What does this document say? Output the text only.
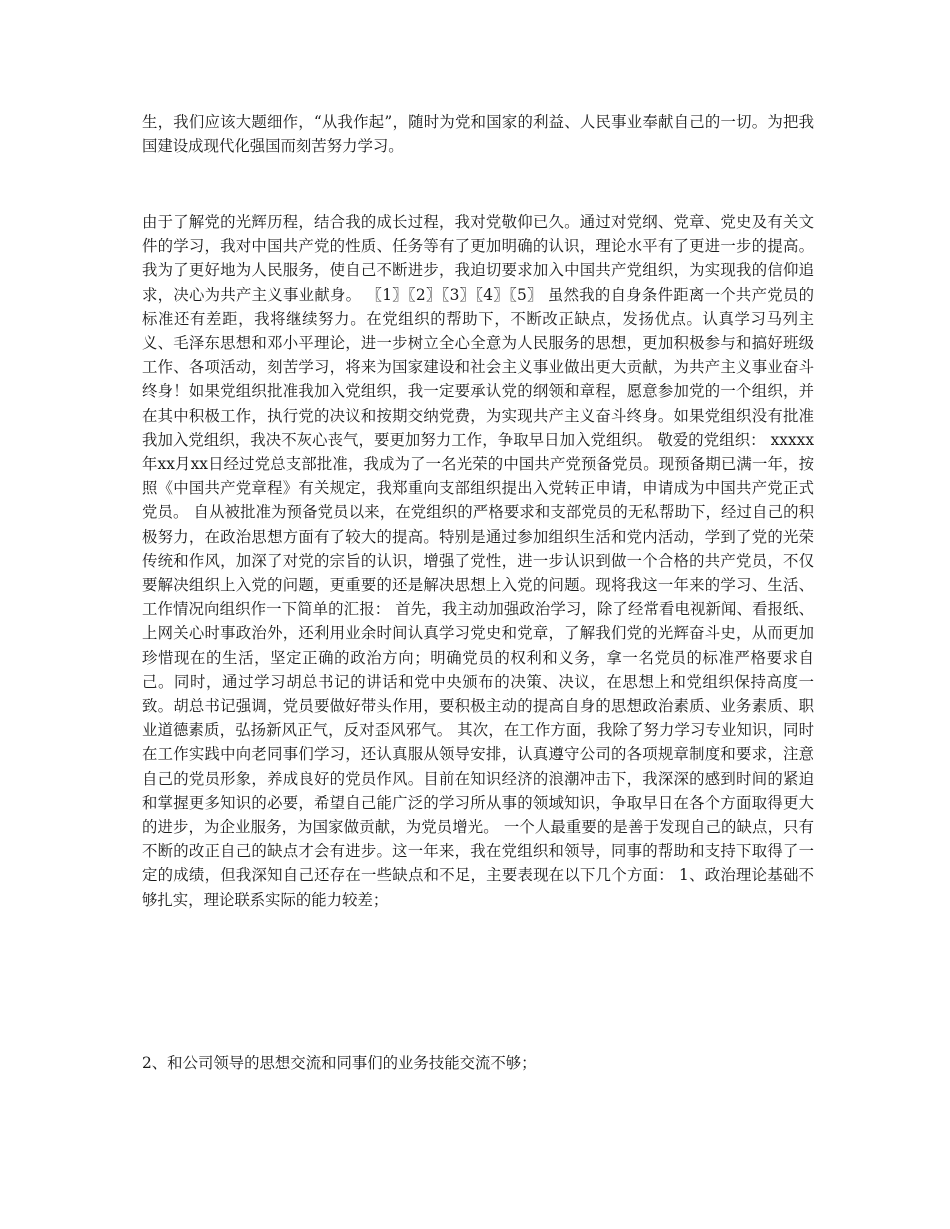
生，我们应该大题细作，“从我作起”，随时为党和国家的利益、人民事业奉献自己的一切。为把我国建设成现代化强国而刻苦努力学习。

由于了解党的光辉历程，结合我的成长过程，我对党敬仰已久。通过对党纲、党章、党史及有关文件的学习，我对中国共产党的性质、任务等有了更加明确的认识，理论水平有了更进一步的提高。我为了更好地为人民服务，使自己不断进步，我迫切要求加入中国共产党组织，为实现我的信仰追求，决心为共产主义事业献身。 〖1〗〖2〗〖3〗〖4〗〖5〗 虽然我的自身条件距离一个共产党员的标准还有差距，我将继续努力。在党组织的帮助下，不断改正缺点，发扬优点。认真学习马列主义、毛泽东思想和邓小平理论，进一步树立全心全意为人民服务的思想，更加积极参与和搞好班级工作、各项活动，刻苦学习，将来为国家建设和社会主义事业做出更大贡献，为共产主义事业奋斗终身！如果党组织批准我加入党组织，我一定要承认党的纲领和章程，愿意参加党的一个组织，并在其中积极工作，执行党的决议和按期交纳党费，为实现共产主义奋斗终身。如果党组织没有批准我加入党组织，我决不灰心丧气，要更加努力工作，争取早日加入党组织。 敬爱的党组织： xxxxx年xx月xx日经过党总支部批准，我成为了一名光荣的中国共产党预备党员。现预备期已满一年，按照《中国共产党章程》有关规定，我郑重向支部组织提出入党转正申请，申请成为中国共产党正式党员。 自从被批准为预备党员以来，在党组织的严格要求和支部党员的无私帮助下，经过自己的积极努力，在政治思想方面有了较大的提高。特别是通过参加组织生活和党内活动，学到了党的光荣传统和作风，加深了对党的宗旨的认识，增强了党性，进一步认识到做一个合格的共产党员，不仅要解决组织上入党的问题，更重要的还是解决思想上入党的问题。现将我这一年来的学习、生活、工作情况向组织作一下简单的汇报： 首先，我主动加强政治学习，除了经常看电视新闻、看报纸、上网关心时事政治外，还利用业余时间认真学习党史和党章，了解我们党的光辉奋斗史，从而更加珍惜现在的生活，坚定正确的政治方向；明确党员的权利和义务，拿一名党员的标准严格要求自己。同时，通过学习胡总书记的讲话和党中央颁布的决策、决议，在思想上和党组织保持高度一致。胡总书记强调，党员要做好带头作用，要积极主动的提高自身的思想政治素质、业务素质、职业道德素质，弘扬新风正气，反对歪风邪气。 其次，在工作方面，我除了努力学习专业知识，同时在工作实践中向老同事们学习，还认真服从领导安排，认真遵守公司的各项规章制度和要求，注意自己的党员形象，养成良好的党员作风。目前在知识经济的浪潮冲击下，我深深的感到时间的紧迫和掌握更多知识的必要，希望自己能广泛的学习所从事的领域知识，争取早日在各个方面取得更大的进步，为企业服务，为国家做贡献，为党员增光。 一个人最重要的是善于发现自己的缺点，只有不断的改正自己的缺点才会有进步。这一年来，我在党组织和领导，同事的帮助和支持下取得了一定的成绩，但我深知自己还存在一些缺点和不足，主要表现在以下几个方面： 1、政治理论基础不够扎实，理论联系实际的能力较差；

2、和公司领导的思想交流和同事们的业务技能交流不够；
